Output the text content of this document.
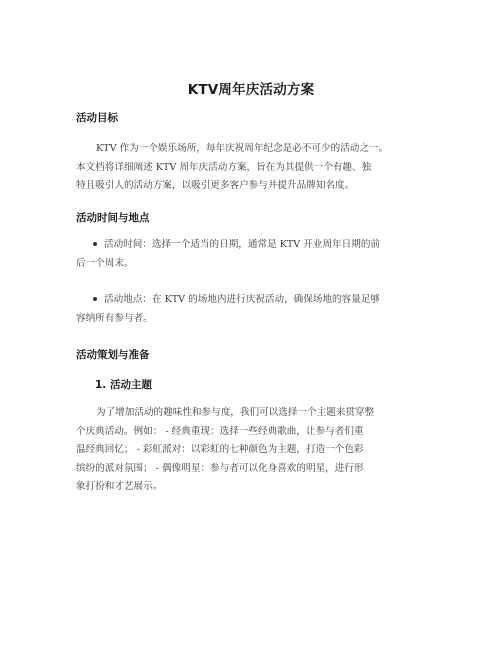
KTV周年庆活动方案
活动目标
KTV 作为一个娱乐场所，每年庆祝周年纪念是必不可少的活动之一。
本文档将详细阐述 KTV 周年庆活动方案，旨在为其提供一个有趣、独
特且吸引人的活动方案，以吸引更多客户参与并提升品牌知名度。
活动时间与地点
活动时间：选择一个适当的日期，通常是 KTV 开业周年日期的前
后一个周末。
活动地点：在 KTV 的场地内进行庆祝活动，确保场地的容量足够
容纳所有参与者。
活动策划与准备
1. 活动主题
为了增加活动的趣味性和参与度，我们可以选择一个主题来贯穿整
个庆典活动。例如： - 经典重现：选择一些经典歌曲，让参与者们重
温经典回忆； - 彩虹派对：以彩虹的七种颜色为主题，打造一个色彩
缤纷的派对氛围； - 偶像明星：参与者可以化身喜欢的明星，进行形
象打扮和才艺展示。
